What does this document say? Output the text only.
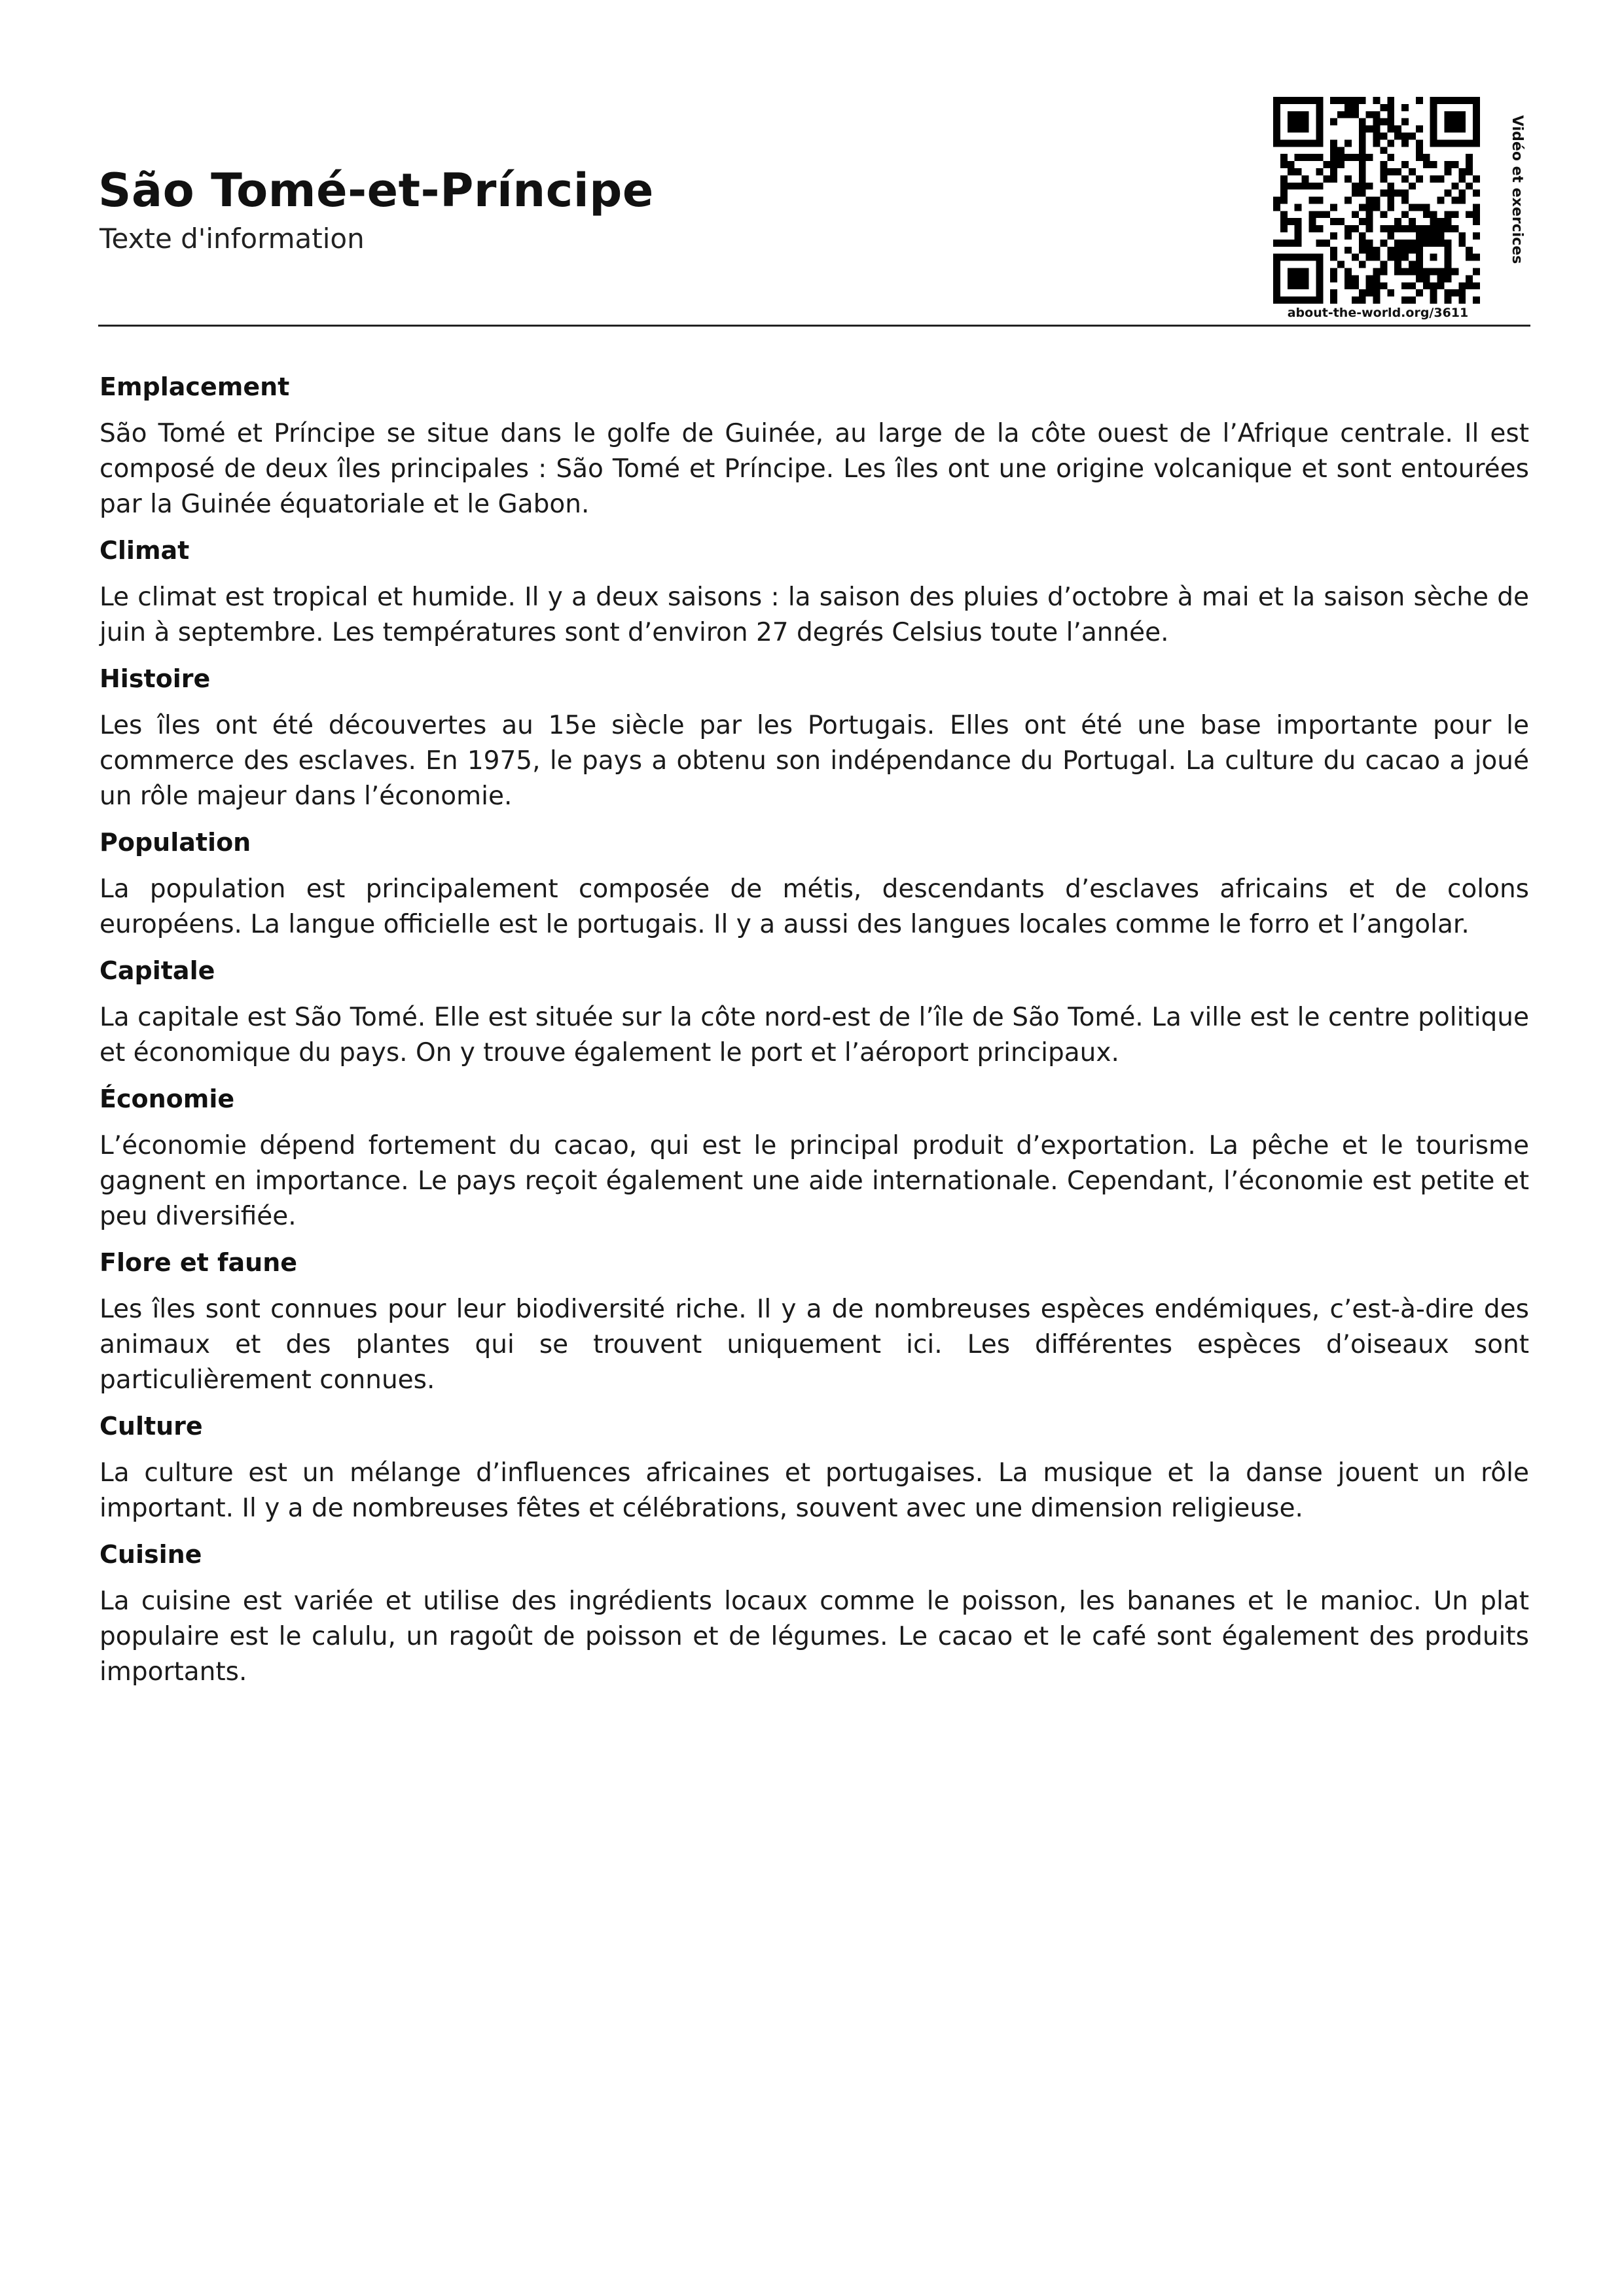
São Tomé-et-Príncipe

Texte d'information

about-the-world.org/3611
Vidéo et exercices
Emplacement

São Tomé et Príncipe se situe dans le golfe de Guinée, au large de la côte ouest de l’Afrique centrale. Il est composé de deux îles principales : São Tomé et Príncipe. Les îles ont une origine volcanique et sont entourées par la Guinée équatoriale et le Gabon.

Climat

Le climat est tropical et humide. Il y a deux saisons : la saison des pluies d’octobre à mai et la saison sèche de juin à septembre. Les températures sont d’environ 27 degrés Celsius toute l’année.

Histoire

Les îles ont été découvertes au 15e siècle par les Portugais. Elles ont été une base importante pour le commerce des esclaves. En 1975, le pays a obtenu son indépendance du Portugal. La culture du cacao a joué un rôle majeur dans l’économie.

Population

La population est principalement composée de métis, descendants d’esclaves africains et de colons européens. La langue officielle est le portugais. Il y a aussi des langues locales comme le forro et l’angolar.

Capitale

La capitale est São Tomé. Elle est située sur la côte nord-est de l’île de São Tomé. La ville est le centre politique et économique du pays. On y trouve également le port et l’aéroport principaux.

Économie

L’économie dépend fortement du cacao, qui est le principal produit d’exportation. La pêche et le tourisme gagnent en importance. Le pays reçoit également une aide internationale. Cependant, l’économie est petite et peu diversifiée.

Flore et faune

Les îles sont connues pour leur biodiversité riche. Il y a de nombreuses espèces endémiques, c’est-à-dire des animaux et des plantes qui se trouvent uniquement ici. Les différentes espèces d’oiseaux sont particulièrement connues.

Culture

La culture est un mélange d’influences africaines et portugaises. La musique et la danse jouent un rôle important. Il y a de nombreuses fêtes et célébrations, souvent avec une dimension religieuse.

Cuisine

La cuisine est variée et utilise des ingrédients locaux comme le poisson, les bananes et le manioc. Un plat populaire est le calulu, un ragoût de poisson et de légumes. Le cacao et le café sont également des produits importants.
